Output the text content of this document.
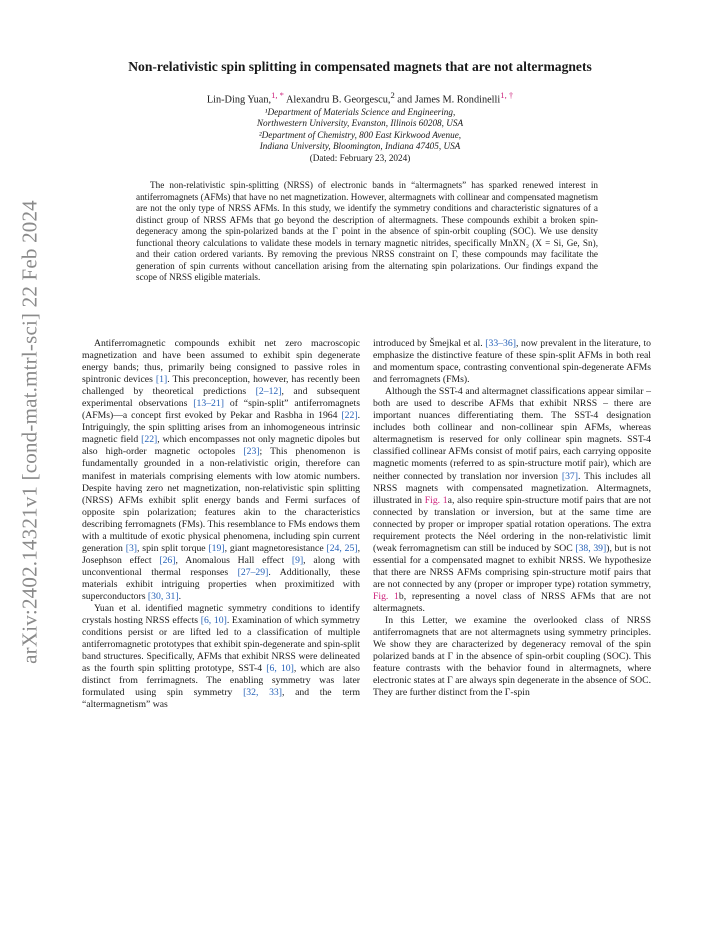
arXiv:2402.14321v1 [cond-mat.mtrl-sci] 22 Feb 2024
Non-relativistic spin splitting in compensated magnets that are not altermagnets
Lin-Ding Yuan,$^{1, *}$ Alexandru B. Georgescu,$^2$ and James M. Rondinelli$^{1, \dagger}$
¹Department of Materials Science and Engineering,
Northwestern University, Evanston, Illinois 60208, USA
²Department of Chemistry, 800 East Kirkwood Avenue,
Indiana University, Bloomington, Indiana 47405, USA
(Dated: February 23, 2024)
The non-relativistic spin-splitting (NRSS) of electronic bands in “altermagnets” has sparked renewed interest in antiferromagnets (AFMs) that have no net magnetization. However, altermagnets with collinear and compensated magnetism are not the only type of NRSS AFMs. In this study, we identify the symmetry conditions and characteristic signatures of a distinct group of NRSS AFMs that go beyond the description of altermagnets. These compounds exhibit a broken spin-degeneracy among the spin-polarized bands at the Γ point in the absence of spin-orbit coupling (SOC). We use density functional theory calculations to validate these models in ternary magnetic nitrides, specifically MnXN₂ (X = Si, Ge, Sn), and their cation ordered variants. By removing the previous NRSS constraint on Γ, these compounds may facilitate the generation of spin currents without cancellation arising from the alternating spin polarizations. Our findings expand the scope of NRSS eligible materials.

Antiferromagnetic compounds exhibit net zero macroscopic magnetization and have been assumed to exhibit spin degenerate energy bands; thus, primarily being consigned to passive roles in spintronic devices [1]. This preconception, however, has recently been challenged by theoretical predictions [2–12], and subsequent experimental observations [13–21] of “spin-split” antiferromagnets (AFMs)—a concept first evoked by Pekar and Rasbha in 1964 [22]. Intriguingly, the spin splitting arises from an inhomogeneous intrinsic magnetic field [22], which encompasses not only magnetic dipoles but also high-order magnetic octopoles [23]; This phenomenon is fundamentally grounded in a non-relativistic origin, therefore can manifest in materials comprising elements with low atomic numbers. Despite having zero net magnetization, non-relativistic spin splitting (NRSS) AFMs exhibit split energy bands and Fermi surfaces of opposite spin polarization; features akin to the characteristics describing ferromagnets (FMs). This resemblance to FMs endows them with a multitude of exotic physical phenomena, including spin current generation [3], spin split torque [19], giant magnetoresistance [24, 25], Josephson effect [26], Anomalous Hall effect [9], along with unconventional thermal responses [27–29]. Additionally, these materials exhibit intriguing properties when proximitized with superconductors [30, 31].

Yuan et al. identified magnetic symmetry conditions to identify crystals hosting NRSS effects [6, 10]. Examination of which symmetry conditions persist or are lifted led to a classification of multiple antiferromagnetic prototypes that exhibit spin-degenerate and spin-split band structures. Specifically, AFMs that exhibit NRSS were delineated as the fourth spin splitting prototype, SST-4 [6, 10], which are also distinct from ferrimagnets. The enabling symmetry was later formulated using spin symmetry [32, 33], and the term “altermagnetism” was

introduced by Šmejkal et al. [33–36], now prevalent in the literature, to emphasize the distinctive feature of these spin-split AFMs in both real and momentum space, contrasting conventional spin-degenerate AFMs and ferromagnets (FMs).

Although the SST-4 and altermagnet classifications appear similar – both are used to describe AFMs that exhibit NRSS – there are important nuances differentiating them. The SST-4 designation includes both collinear and non-collinear spin AFMs, whereas altermagnetism is reserved for only collinear spin magnets. SST-4 classified collinear AFMs consist of motif pairs, each carrying opposite magnetic moments (referred to as spin-structure motif pair), which are neither connected by translation nor inversion [37]. This includes all NRSS magnets with compensated magnetization. Altermagnets, illustrated in Fig. 1a, also require spin-structure motif pairs that are not connected by translation or inversion, but at the same time are connected by proper or improper spatial rotation operations. The extra requirement protects the Néel ordering in the non-relativistic limit (weak ferromagnetism can still be induced by SOC [38, 39]), but is not essential for a compensated magnet to exhibit NRSS. We hypothesize that there are NRSS AFMs comprising spin-structure motif pairs that are not connected by any (proper or improper type) rotation symmetry, Fig. 1b, representing a novel class of NRSS AFMs that are not altermagnets.

In this Letter, we examine the overlooked class of NRSS antiferromagnets that are not altermagnets using symmetry principles. We show they are characterized by degeneracy removal of the spin polarized bands at Γ in the absence of spin-orbit coupling (SOC). This feature contrasts with the behavior found in altermagnets, where electronic states at Γ are always spin degenerate in the absence of SOC. They are further distinct from the Γ-spin
